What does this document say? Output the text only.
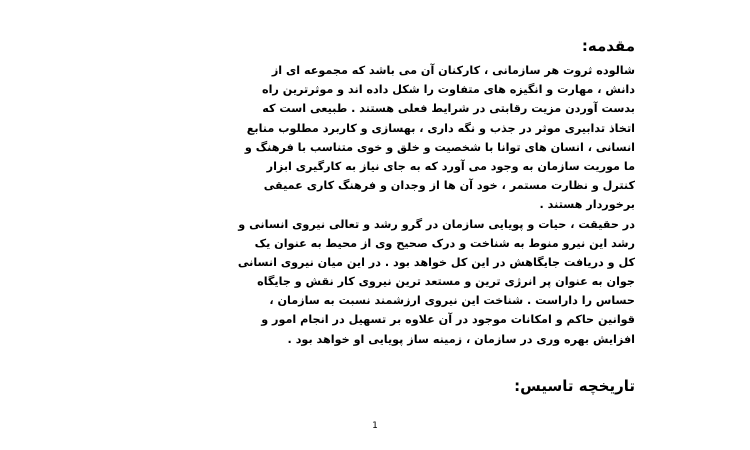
مقدمه:
شالوده ثروت هر سازمانی ، کارکنان آن می باشد که مجموعه ای از
دانش ، مهارت و انگیزه های متفاوت را شکل داده اند و موثرترین راه
بدست آوردن مزیت رقابتی در شرایط فعلی هستند . طبیعی است که
اتخاذ تدابیری موثر در جذب و نگه داری ، بهسازی و کاربرد مطلوب منابع
انسانی ، انسان های توانا با شخصیت و خلق و خوی متناسب با فرهنگ و
ما موریت سازمان به وجود می آورد که به جای نیاز به کارگیری ابزار
کنترل و نظارت مستمر ، خود آن ها از وجدان و فرهنگ کاری عمیقی
برخوردار هستند .
در حقیقت ، حیات و پویایی سازمان در گرو رشد و تعالی نیروی انسانی و
رشد این نیرو منوط به شناخت و درک صحیح وی از محیط به عنوان یک
کل و دریافت جایگاهش در این کل خواهد بود . در این میان نیروی انسانی
جوان به عنوان پر انرژی ترین و مستعد ترین نیروی کار نقش و جایگاه
حساس را داراست . شناخت این نیروی ارزشمند نسبت به سازمان ،
قوانین حاکم و امکانات موجود در آن علاوه بر تسهیل در انجام امور و
افزایش بهره وری در سازمان ، زمینه ساز پویایی او خواهد بود .
تاریخچه تاسیس:
1
